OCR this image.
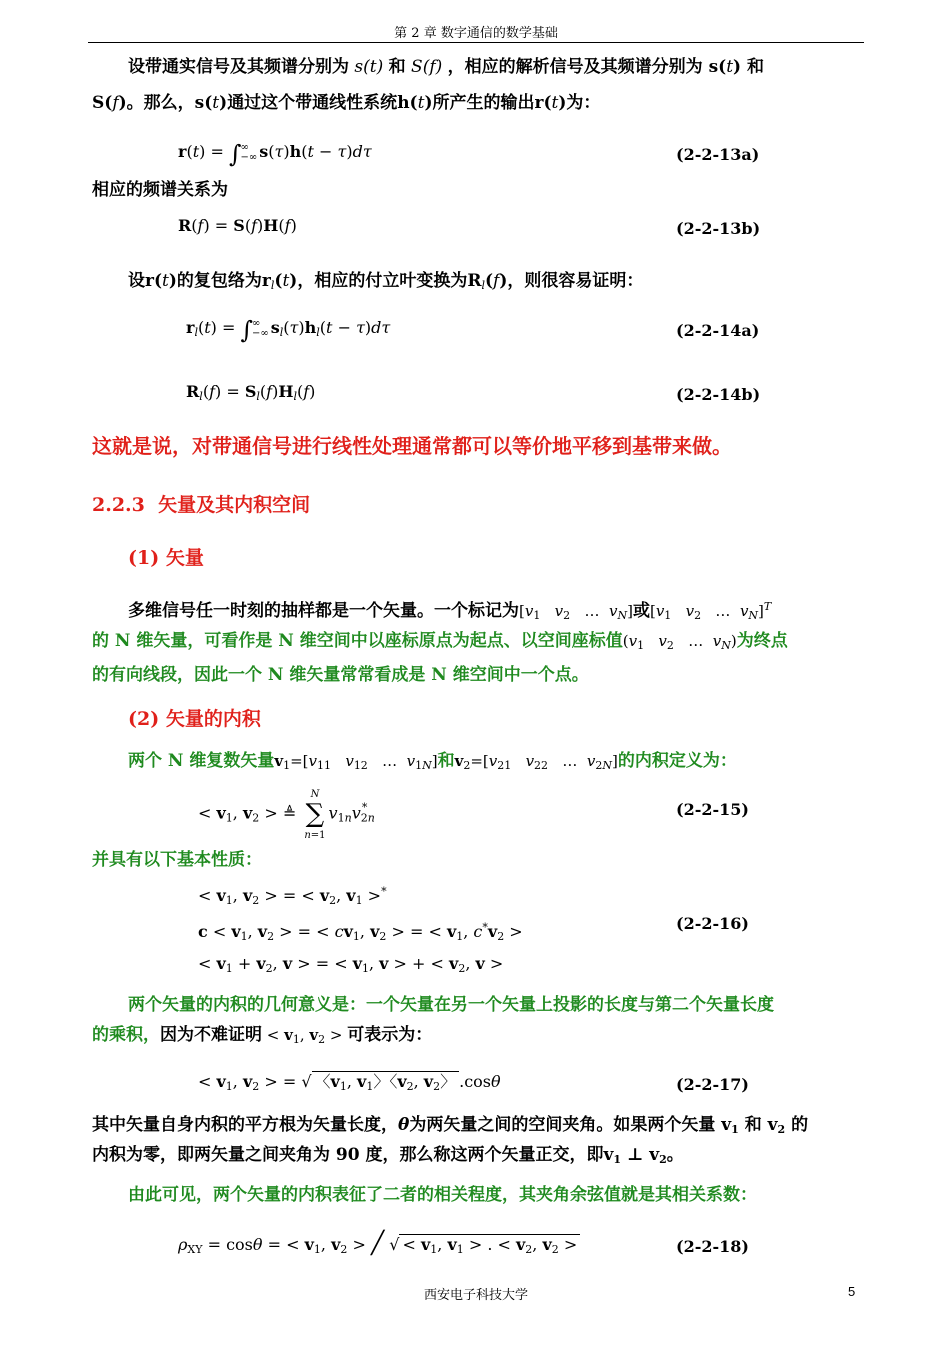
第 2 章 数字通信的数学基础
设带通实信号及其频谱分别为 s(t) 和 S(f) ，相应的解析信号及其频谱分别为 s(t) 和
S(f)。那么，s(t)通过这个带通线性系统h(t)所产生的输出r(t)为：
r(t) = ∫∞
−∞ s(τ)h(t − τ)dτ	(2-2-13a)
相应的频谱关系为
R(f) = S(f)H(f)	(2-2-13b)
设r(t)的复包络为rl(t)，相应的付立叶变换为Rl(f)，则很容易证明：
rl(t) = ∫∞
−∞ sl(τ)hl(t − τ)dτ	(2-2-14a)
Rl(f) = Sl(f)Hl(f)	(2-2-14b)
这就是说，对带通信号进行线性处理通常都可以等价地平移到基带来做。
2.2.3 矢量及其内积空间
(1) 矢量
多维信号任一时刻的抽样都是一个矢量。一个标记为[$v_1$ $v_2$   …  $v_N$]或[$v_1$ $v_2$   …  $v_N]^T$
的 N 维矢量，可看作是 N 维空间中以座标原点为起点、以空间座标值($v_1$ $v_2$   …  $v_N$)为终点
的有向线段，因此一个 N 维矢量常常看成是 N 维空间中一个点。
(2) 矢量的内积
两个 N 维复数矢量$v_1=[v_{11}$ $v_{12}$   …  $v_{1N}$]和$v_2=[v_{21}$ $v_{22}$   …  $v_{2N}$]的内积定义为：
< v1, v2 > ≜ N
∑
n=1v1nv2n*	(2-2-15)
并具有以下基本性质：
< v1, v2 > = < v2, v1 >*
c < v1, v2 > = < cv1, v2 > = < v1, c*v2 >
< v1 + v2, v > = < v1, v > + < v2, v >
(2-2-16)
两个矢量的内积的几何意义是：一个矢量在另一个矢量上投影的长度与第二个矢量长度
的乘积，因为不难证明 < $v_1$, $v_2$ > 可表示为：
< v1, v2 > = √ 〈v1, v1〉〈v2, v2〉 .cosθ	(2-2-17)
其中矢量自身内积的平方根为矢量长度，θ为两矢量之间的空间夹角。如果两个矢量 v1 和 v2 的
内积为零，即两矢量之间夹角为 90 度，那么称这两个矢量正交，即v1 ⊥ v2。
由此可见，两个矢量的内积表征了二者的相关程度，其夹角余弦值就是其相关系数：
ρXY = cosθ = < v1, v2 > ╱ √ < v1, v1 > . < v2, v2 >	(2-2-18)
西安电子科技大学	5
